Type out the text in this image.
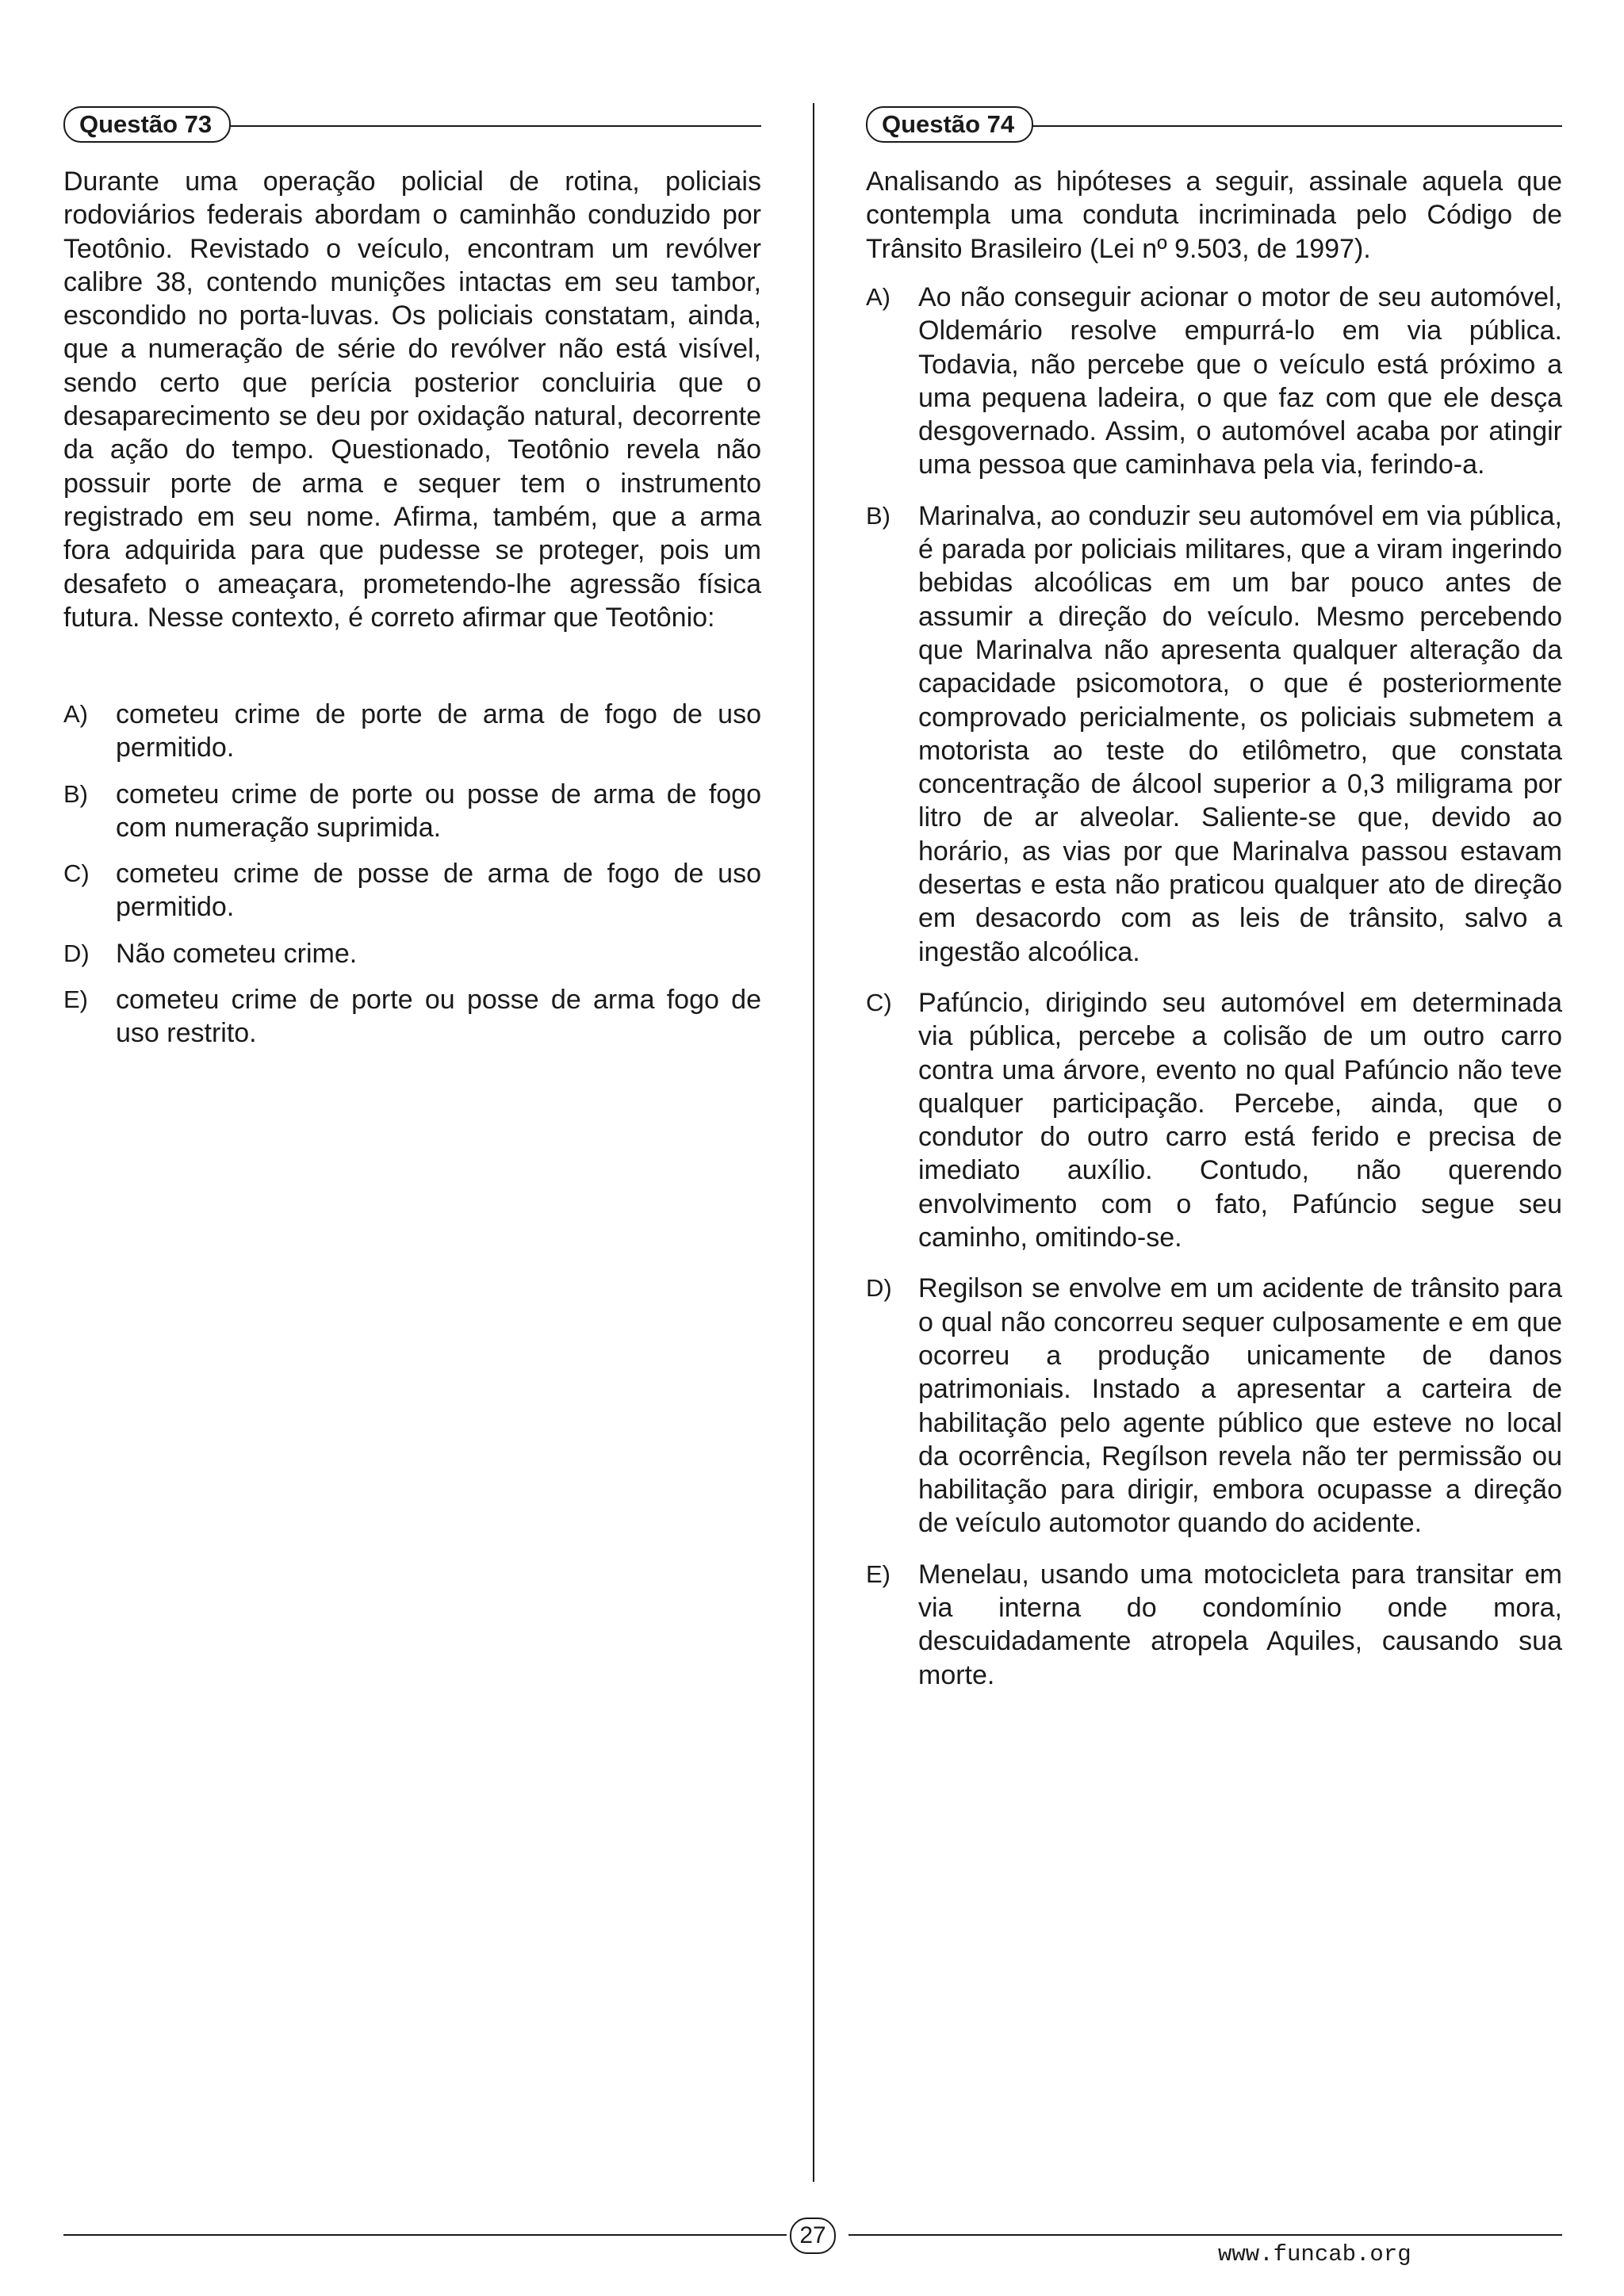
Questão 73

Durante uma operação policial de rotina, policiais rodoviários federais abordam o caminhão conduzido por Teotônio. Revistado o veículo, encontram um revólver calibre 38, contendo munições intactas em seu tambor, escondido no porta-luvas. Os policiais constatam, ainda, que a numeração de série do revólver não está visível, sendo certo que perícia posterior concluiria que o desaparecimento se deu por oxidação natural, decorrente da ação do tempo. Questionado, Teotônio revela não possuir porte de arma e sequer tem o instrumento registrado em seu nome. Afirma, também, que a arma fora adquirida para que pudesse se proteger, pois um desafeto o ameaçara, prometendo-lhe agressão física futura. Nesse contexto, é correto afirmar que Teotônio:

A) cometeu crime de porte de arma de fogo de uso permitido.
B) cometeu crime de porte ou posse de arma de fogo com numeração suprimida.
C) cometeu crime de posse de arma de fogo de uso permitido.
D) Não cometeu crime.
E) cometeu crime de porte ou posse de arma fogo de uso restrito.
Questão 74

Analisando as hipóteses a seguir, assinale aquela que contempla uma conduta incriminada pelo Código de Trânsito Brasileiro (Lei nº 9.503, de 1997).

A) Ao não conseguir acionar o motor de seu automóvel, Oldemário resolve empurrá-lo em via pública. Todavia, não percebe que o veículo está próximo a uma pequena ladeira, o que faz com que ele desça desgovernado. Assim, o automóvel acaba por atingir uma pessoa que caminhava pela via, ferindo-a.
B) Marinalva, ao conduzir seu automóvel em via pública, é parada por policiais militares, que a viram ingerindo bebidas alcoólicas em um bar pouco antes de assumir a direção do veículo. Mesmo percebendo que Marinalva não apresenta qualquer alteração da capacidade psicomotora, o que é posteriormente comprovado pericialmente, os policiais submetem a motorista ao teste do etilômetro, que constata concentração de álcool superior a 0,3 miligrama por litro de ar alveolar. Saliente-se que, devido ao horário, as vias por que Marinalva passou estavam desertas e esta não praticou qualquer ato de direção em desacordo com as leis de trânsito, salvo a ingestão alcoólica.
C) Pafúncio, dirigindo seu automóvel em determinada via pública, percebe a colisão de um outro carro contra uma árvore, evento no qual Pafúncio não teve qualquer participação. Percebe, ainda, que o condutor do outro carro está ferido e precisa de imediato auxílio. Contudo, não querendo envolvimento com o fato, Pafúncio segue seu caminho, omitindo-se.
D) Regilson se envolve em um acidente de trânsito para o qual não concorreu sequer culposamente e em que ocorreu a produção unicamente de danos patrimoniais. Instado a apresentar a carteira de habilitação pelo agente público que esteve no local da ocorrência, Regílson revela não ter permissão ou habilitação para dirigir, embora ocupasse a direção de veículo automotor quando do acidente.
E) Menelau, usando uma motocicleta para transitar em via interna do condomínio onde mora, descuidadamente atropela Aquiles, causando sua morte.
27
www.funcab.org
